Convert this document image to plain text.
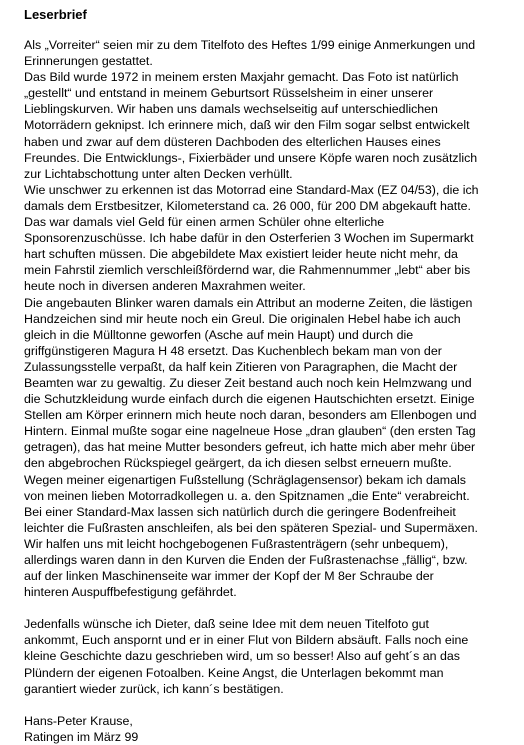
Leserbrief
Als „Vorreiter“ seien mir zu dem Titelfoto des Heftes 1/99 einige Anmerkungen und
Erinnerungen gestattet.
Das Bild wurde 1972 in meinem ersten Maxjahr gemacht. Das Foto ist natürlich
„gestellt“ und entstand in meinem Geburtsort Rüsselsheim in einer unserer
Lieblingskurven. Wir haben uns damals wechselseitig auf unterschiedlichen
Motorrädern geknipst. Ich erinnere mich, daß wir den Film sogar selbst entwickelt
haben und zwar auf dem düsteren Dachboden des elterlichen Hauses eines
Freundes. Die Entwicklungs-, Fixierbäder und unsere Köpfe waren noch zusätzlich
zur Lichtabschottung unter alten Decken verhüllt.
Wie unschwer zu erkennen ist das Motorrad eine Standard-Max (EZ 04/53), die ich
damals dem Erstbesitzer, Kilometerstand ca. 26 000, für 200 DM abgekauft hatte.
Das war damals viel Geld für einen armen Schüler ohne elterliche
Sponsorenzuschüsse. Ich habe dafür in den Osterferien 3 Wochen im Supermarkt
hart schuften müssen. Die abgebildete Max existiert leider heute nicht mehr, da
mein Fahrstil ziemlich verschleißfördernd war, die Rahmennummer „lebt“ aber bis
heute noch in diversen anderen Maxrahmen weiter.
Die angebauten Blinker waren damals ein Attribut an moderne Zeiten, die lästigen
Handzeichen sind mir heute noch ein Greul. Die originalen Hebel habe ich auch
gleich in die Mülltonne geworfen (Asche auf mein Haupt) und durch die
griffgünstigeren Magura H 48 ersetzt. Das Kuchenblech bekam man von der
Zulassungsstelle verpaßt, da half kein Zitieren von Paragraphen, die Macht der
Beamten war zu gewaltig. Zu dieser Zeit bestand auch noch kein Helmzwang und
die Schutzkleidung wurde einfach durch die eigenen Hautschichten ersetzt. Einige
Stellen am Körper erinnern mich heute noch daran, besonders am Ellenbogen und
Hintern. Einmal mußte sogar eine nagelneue Hose „dran glauben“ (den ersten Tag
getragen), das hat meine Mutter besonders gefreut, ich hatte mich aber mehr über
den abgebrochen Rückspiegel geärgert, da ich diesen selbst erneuern mußte.
Wegen meiner eigenartigen Fußstellung (Schräglagensensor) bekam ich damals
von meinen lieben Motorradkollegen u. a. den Spitznamen „die Ente“ verabreicht.
Bei einer Standard-Max lassen sich natürlich durch die geringere Bodenfreiheit
leichter die Fußrasten anschleifen, als bei den späteren Spezial- und Supermäxen.
Wir halfen uns mit leicht hochgebogenen Fußrastenträgern (sehr unbequem),
allerdings waren dann in den Kurven die Enden der Fußrastenachse „fällig“, bzw.
auf der linken Maschinenseite war immer der Kopf der M 8er Schraube der
hinteren Auspuffbefestigung gefährdet.
Jedenfalls wünsche ich Dieter, daß seine Idee mit dem neuen Titelfoto gut
ankommt, Euch anspornt und er in einer Flut von Bildern absäuft. Falls noch eine
kleine Geschichte dazu geschrieben wird, um so besser! Also auf geht´s an das
Plündern der eigenen Fotoalben. Keine Angst, die Unterlagen bekommt man
garantiert wieder zurück, ich kann´s bestätigen.
Hans-Peter Krause,
Ratingen im März 99
